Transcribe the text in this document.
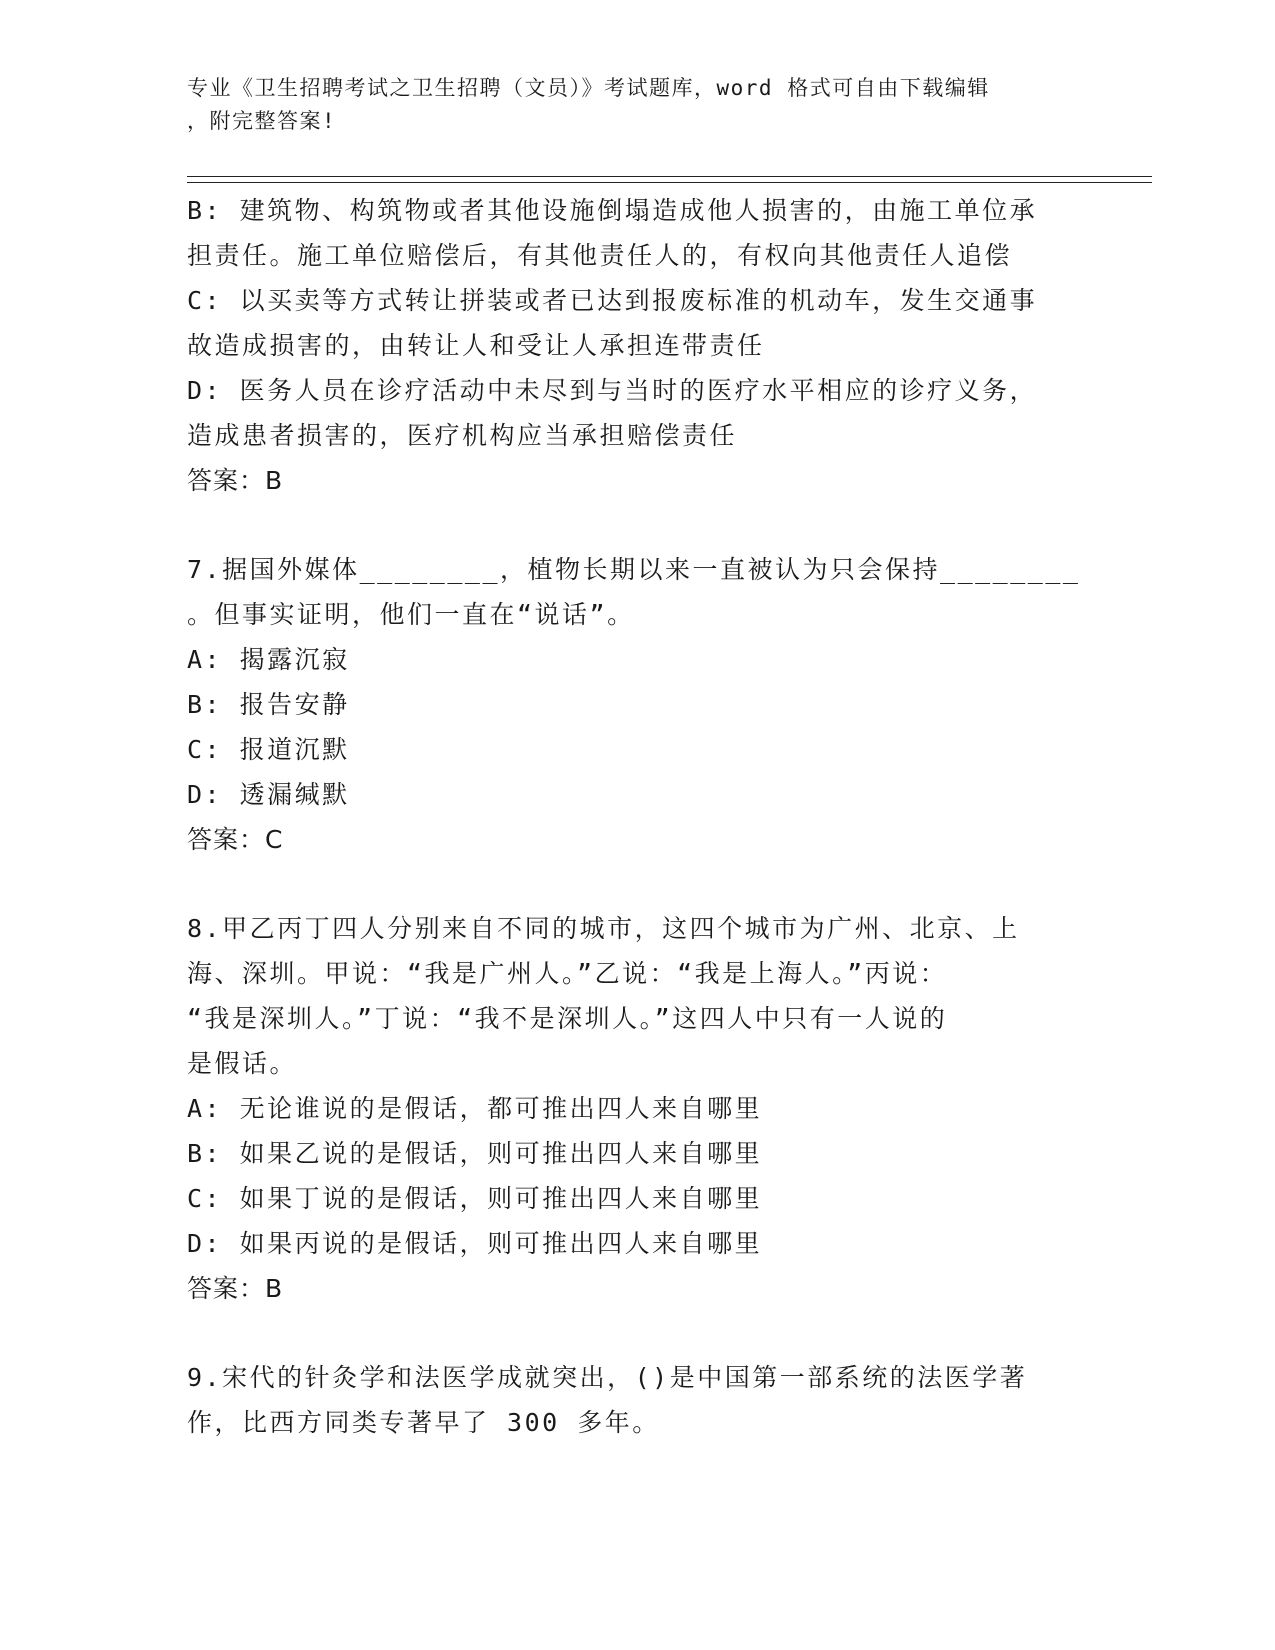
专业《卫生招聘考试之卫生招聘（文员）》考试题库，word 格式可自由下载编辑
，附完整答案!
B: 建筑物、构筑物或者其他设施倒塌造成他人损害的，由施工单位承
担责任。施工单位赔偿后，有其他责任人的，有权向其他责任人追偿
C: 以买卖等方式转让拼装或者已达到报废标准的机动车，发生交通事
故造成损害的，由转让人和受让人承担连带责任
D: 医务人员在诊疗活动中未尽到与当时的医疗水平相应的诊疗义务，
造成患者损害的，医疗机构应当承担赔偿责任
答案：B
7.据国外媒体________，植物长期以来一直被认为只会保持________
。但事实证明，他们一直在“说话”。
A: 揭露沉寂
B: 报告安静
C: 报道沉默
D: 透漏缄默
答案：C
8.甲乙丙丁四人分别来自不同的城市，这四个城市为广州、北京、上
海、深圳。甲说：“我是广州人。”乙说：“我是上海人。”丙说：
“我是深圳人。”丁说：“我不是深圳人。”这四人中只有一人说的
是假话。
A: 无论谁说的是假话，都可推出四人来自哪里
B: 如果乙说的是假话，则可推出四人来自哪里
C: 如果丁说的是假话，则可推出四人来自哪里
D: 如果丙说的是假话，则可推出四人来自哪里
答案：B
9.宋代的针灸学和法医学成就突出，()是中国第一部系统的法医学著
作，比西方同类专著早了 300 多年。
